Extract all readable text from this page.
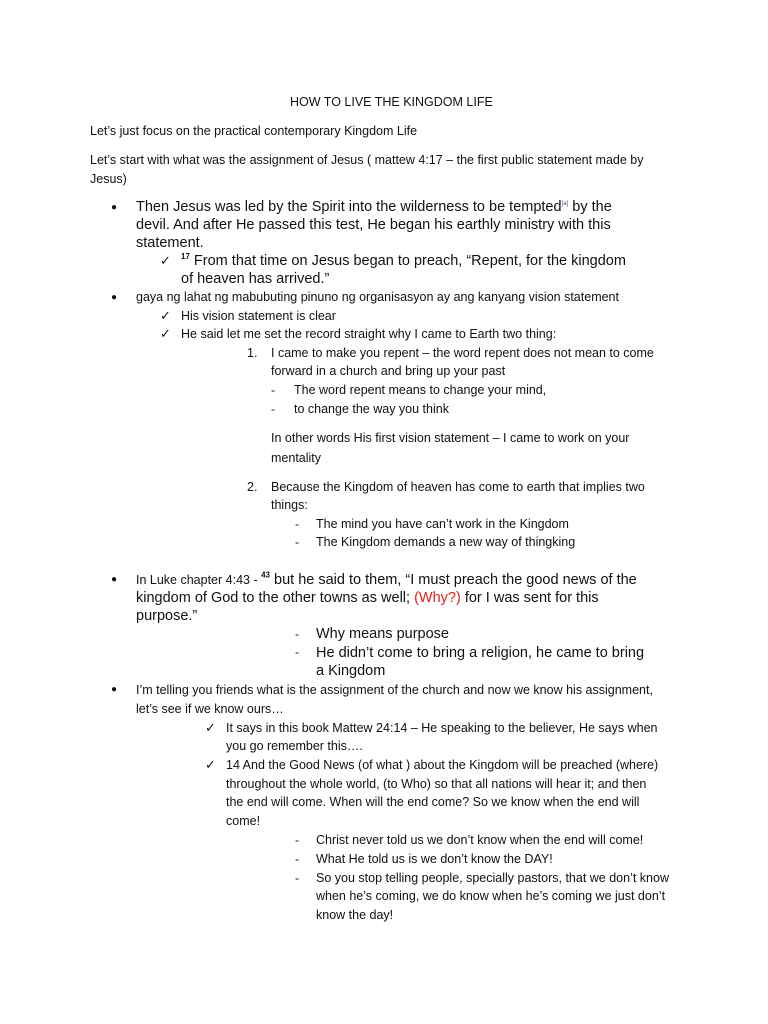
HOW TO LIVE THE KINGDOM LIFE
Let’s just focus on the practical contemporary Kingdom Life
Let’s start with what was the assignment of Jesus ( mattew 4:17 – the first public statement made by
Jesus)
● Then Jesus was led by the Spirit into the wilderness to be tempted[a] by the
devil. And after He passed this test, He began his earthly ministry with this
statement.
✓ $^{17}$ From that time on Jesus began to preach, “Repent, for the kingdom
of heaven has arrived.”
● gaya ng lahat ng mabubuting pinuno ng organisasyon ay ang kanyang vision statement
✓ His vision statement is clear
✓ He said let me set the record straight why I came to Earth two thing:
1. I came to make you repent – the word repent does not mean to come
forward in a church and bring up your past
- The word repent means to change your mind,
- to change the way you think
In other words His first vision statement – I came to work on your
mentality
2. Because the Kingdom of heaven has come to earth that implies two
things:
- The mind you have can’t work in the Kingdom
- The Kingdom demands a new way of thingking
● In Luke chapter 4:43 - $^{43}$ but he said to them, “I must preach the good news of the
kingdom of God to the other towns as well; (Why?) for I was sent for this
purpose.”
- Why means purpose
- He didn’t come to bring a religion, he came to bring
a Kingdom
● I’m telling you friends what is the assignment of the church and now we know his assignment,
let’s see if we know ours…
✓ It says in this book Mattew 24:14 – He speaking to the believer, He says when
you go remember this….
✓ 14 And the Good News (of what ) about the Kingdom will be preached (where)
throughout the whole world, (to Who) so that all nations will hear it; and then
the end will come. When will the end come? So we know when the end will
come!
- Christ never told us we don’t know when the end will come!
- What He told us is we don’t know the DAY!
- So you stop telling people, specially pastors, that we don’t know
when he’s coming, we do know when he’s coming we just don’t
know the day!
